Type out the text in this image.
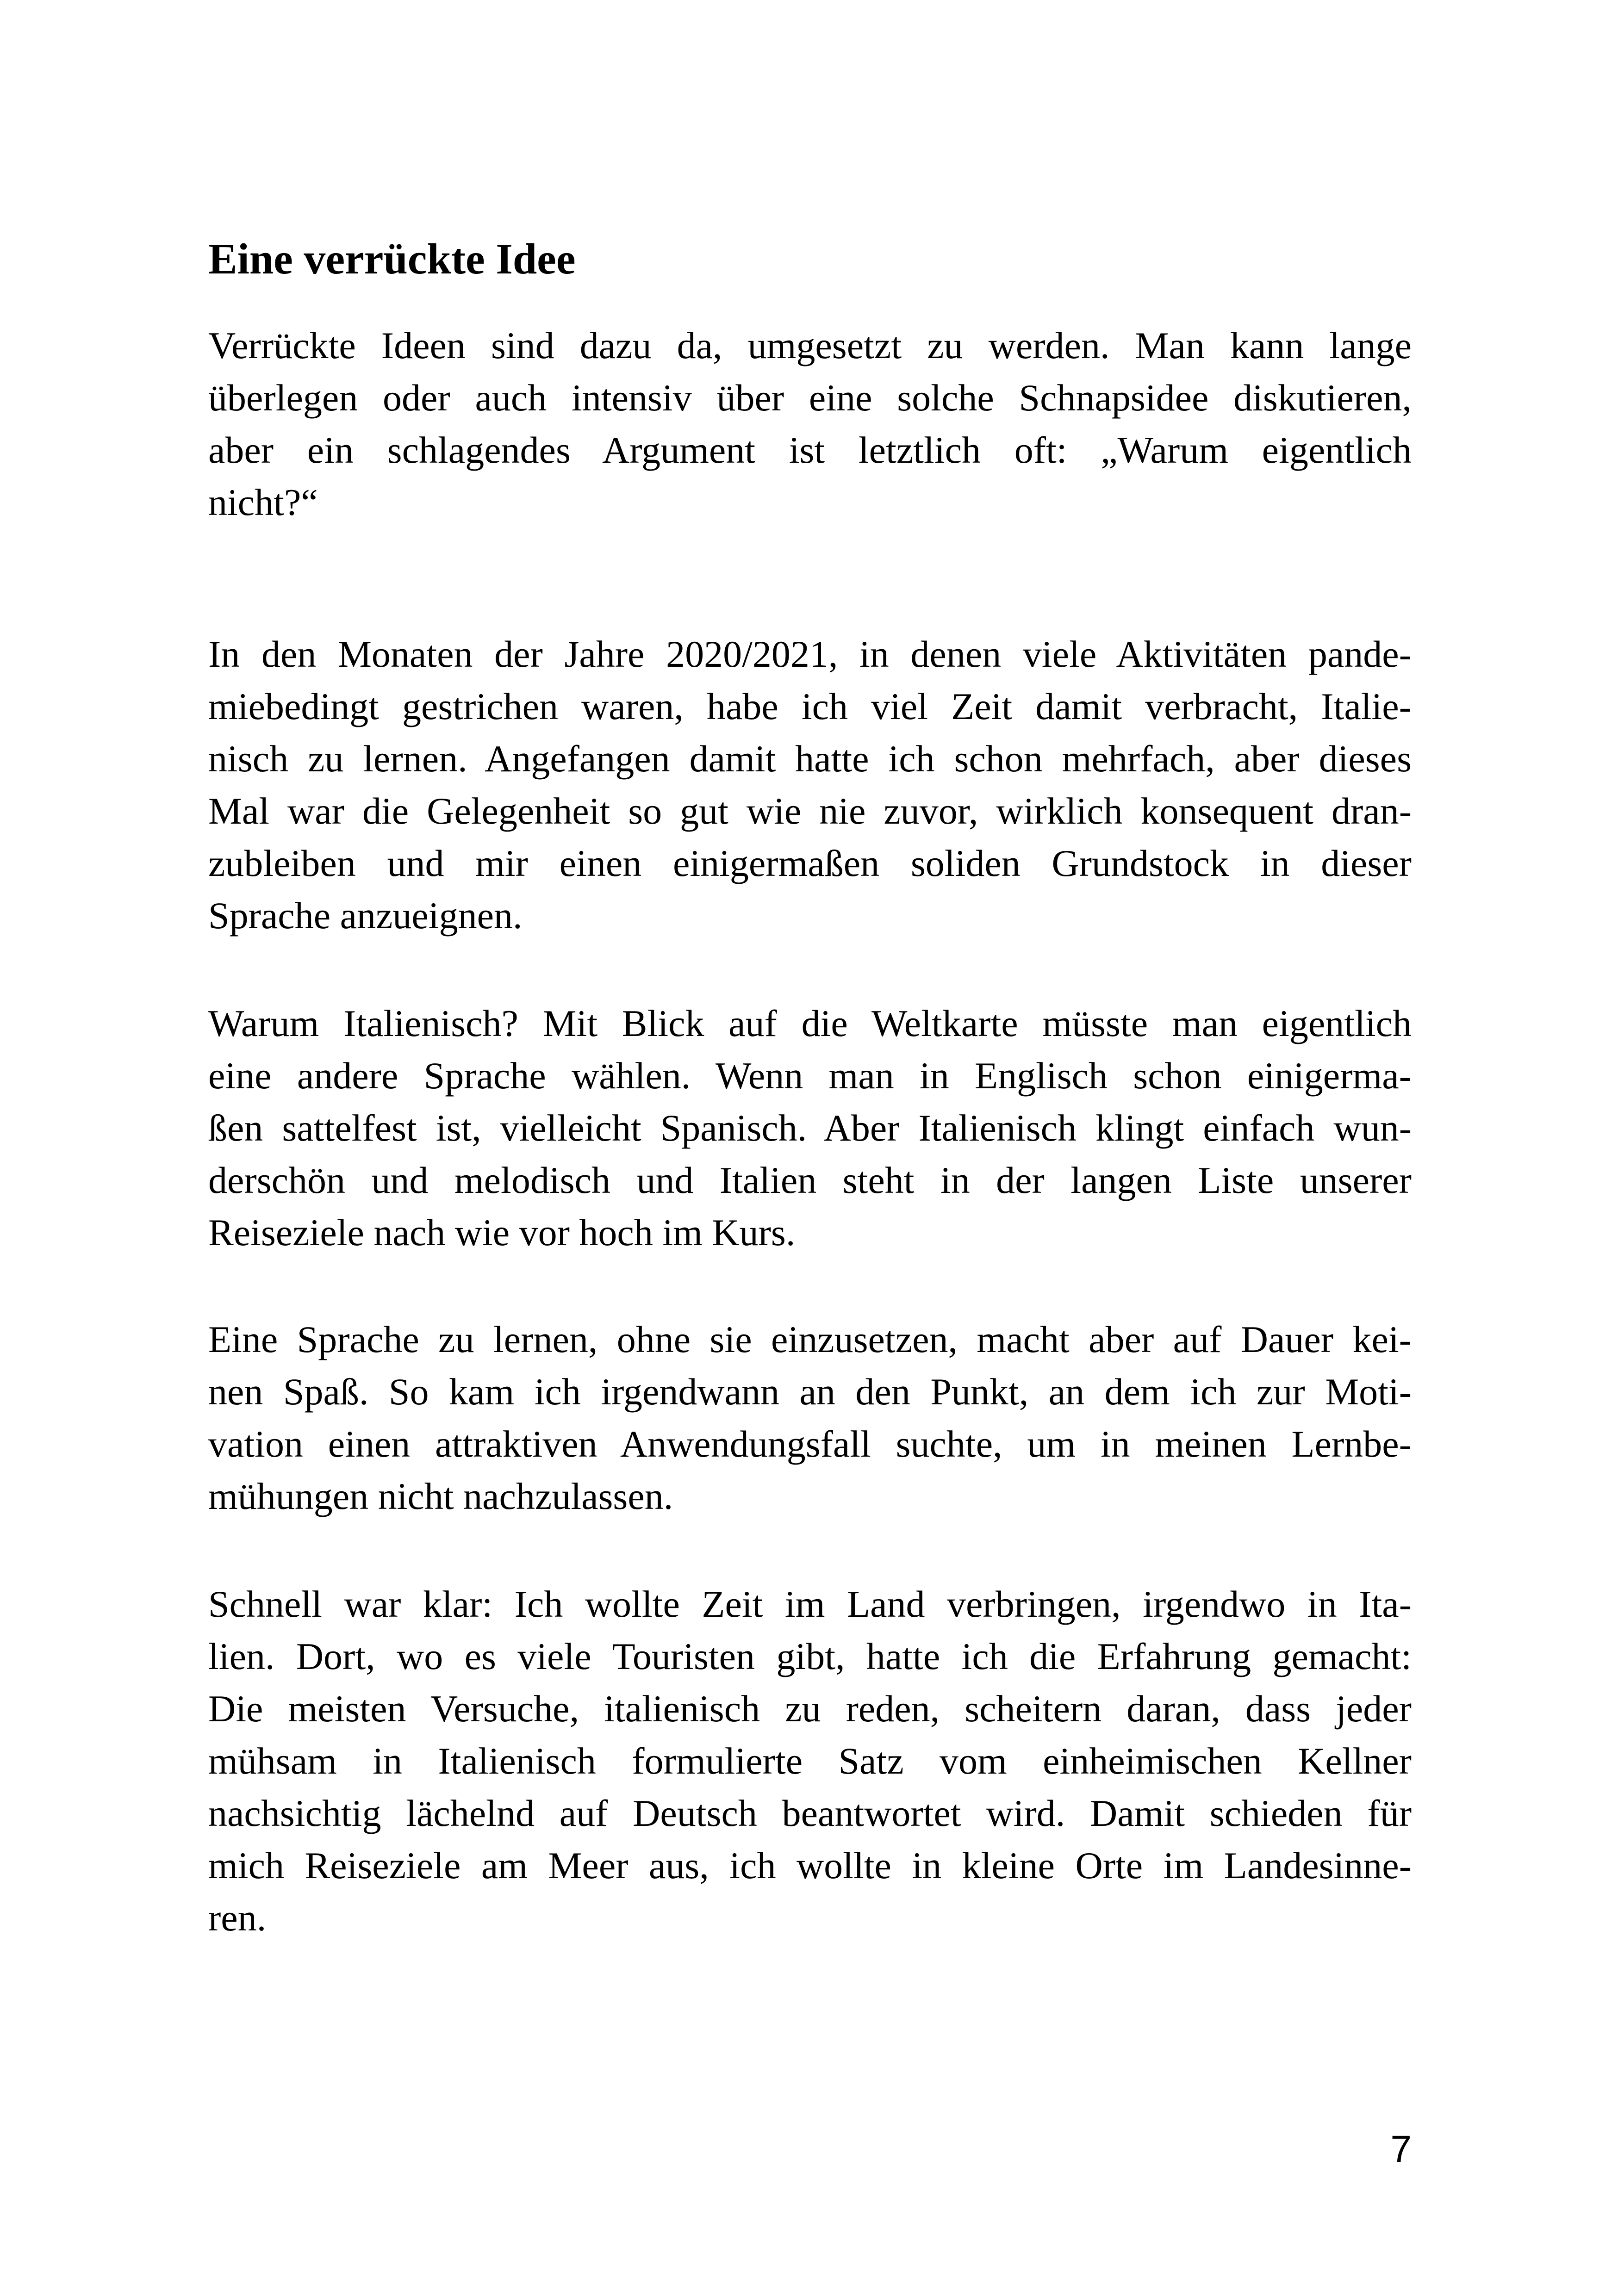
Eine verrückte Idee

Verrückte Ideen sind dazu da, umgesetzt zu werden. Man kann lange
überlegen oder auch intensiv über eine solche Schnapsidee diskutieren,
aber ein schlagendes Argument ist letztlich oft: „Warum eigentlich
nicht?“

In den Monaten der Jahre 2020/2021, in denen viele Aktivitäten pande-
miebedingt gestrichen waren, habe ich viel Zeit damit verbracht, Italie-
nisch zu lernen. Angefangen damit hatte ich schon mehrfach, aber dieses
Mal war die Gelegenheit so gut wie nie zuvor, wirklich konsequent dran-
zubleiben und mir einen einigermaßen soliden Grundstock in dieser
Sprache anzueignen.

Warum Italienisch? Mit Blick auf die Weltkarte müsste man eigentlich
eine andere Sprache wählen. Wenn man in Englisch schon einigerma-
ßen sattelfest ist, vielleicht Spanisch. Aber Italienisch klingt einfach wun-
derschön und melodisch und Italien steht in der langen Liste unserer
Reiseziele nach wie vor hoch im Kurs.

Eine Sprache zu lernen, ohne sie einzusetzen, macht aber auf Dauer kei-
nen Spaß. So kam ich irgendwann an den Punkt, an dem ich zur Moti-
vation einen attraktiven Anwendungsfall suchte, um in meinen Lernbe-
mühungen nicht nachzulassen.

Schnell war klar: Ich wollte Zeit im Land verbringen, irgendwo in Ita-
lien. Dort, wo es viele Touristen gibt, hatte ich die Erfahrung gemacht:
Die meisten Versuche, italienisch zu reden, scheitern daran, dass jeder
mühsam in Italienisch formulierte Satz vom einheimischen Kellner
nachsichtig lächelnd auf Deutsch beantwortet wird. Damit schieden für
mich Reiseziele am Meer aus, ich wollte in kleine Orte im Landesinne-
ren.

7
